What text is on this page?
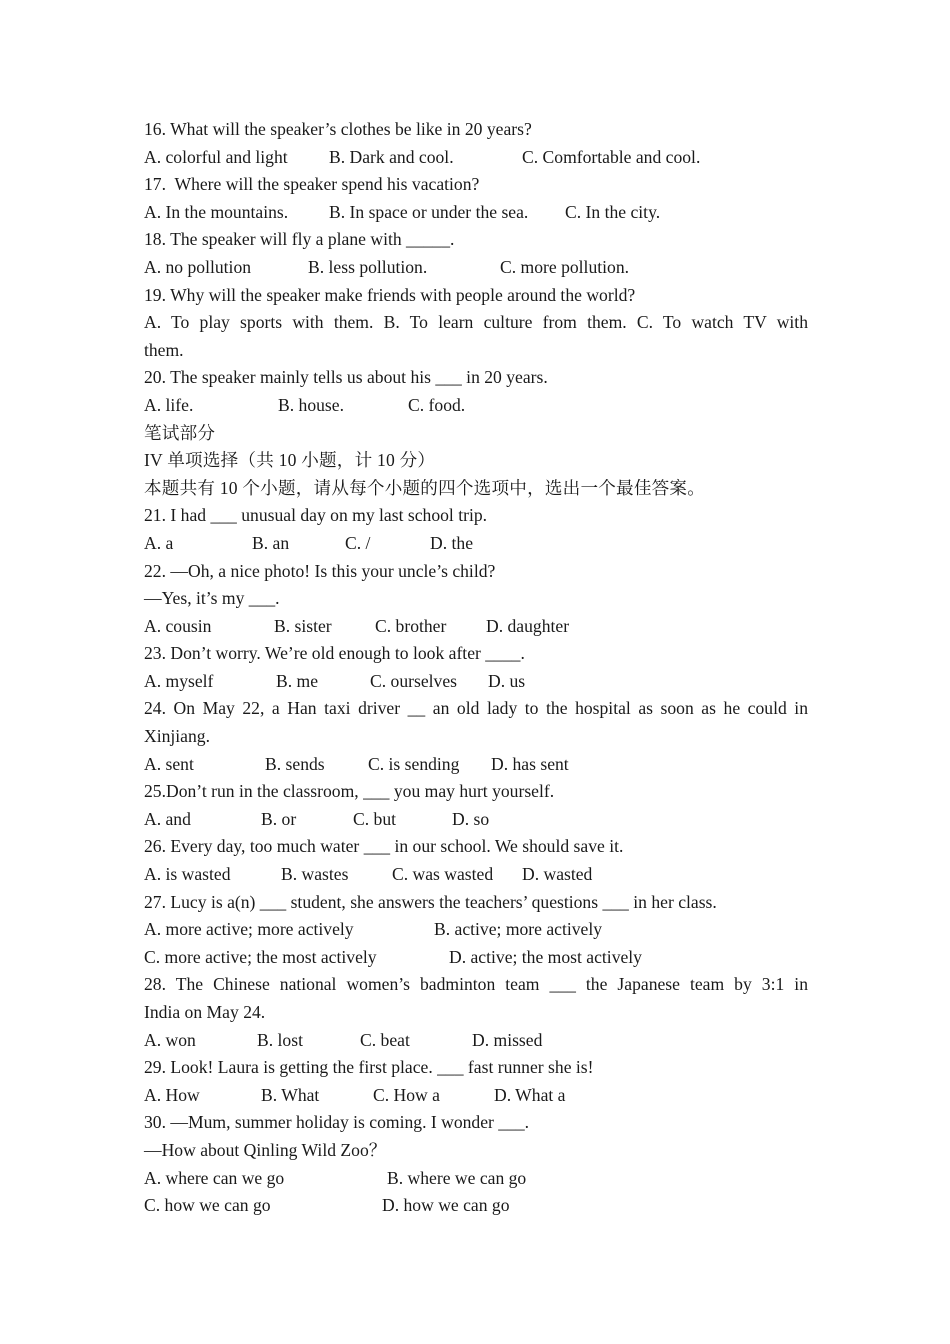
16. What will the speaker’s clothes be like in 20 years?

A. colorful and light

B. Dark and cool.

	C. Comfortable and cool.

17.  Where will the speaker spend his vacation?

A. In the mountains.

B. In space or under the sea.

C. In the city.

18. The speaker will fly a plane with _____.

A. no pollution

	B. less pollution.

	C. more pollution.

19. Why will the speaker make friends with people around the world?
A. To play sports with them. B. To learn culture from them. C. To watch TV with
them.
20. The speaker mainly tells us about his ___ in 20 years.

A. life.

	B. house.

	C. food.

笔试部分
IV 单项选择（共 10 小题，计 10 分）
本题共有 10 个小题，请从每个小题的四个选项中，选出一个最佳答案。
21. I had ___ unusual day on my last school trip.

A. a

	B. an

	C. /

	D. the

22. —Oh, a nice photo! Is this your uncle’s child?
—Yes, it’s my ___.

A. cousin

	B. sister

C. brother

D. daughter

23. Don’t worry. We’re old enough to look after ____.

A. myself

	B. me

	C. ourselves

D. us

24. On May 22, a Han taxi driver __ an old lady to the hospital as soon as he could in
Xinjiang.

A. sent

	B. sends

C. is sending

D. has sent

25.Don’t run in the classroom, ___ you may hurt yourself.

A. and

	B. or

	C. but

	D. so

26. Every day, too much water ___ in our school. We should save it.

A. is wasted

	B. wastes

C. was wasted

D. wasted

27. Lucy is a(n) ___ student, she answers the teachers’ questions ___ in her class.

A. more active; more actively

	B. active; more actively

C. more active; the most actively

	D. active; the most actively

28. The Chinese national women’s badminton team ___ the Japanese team by 3:1 in
India on May 24.

A. won

	B. lost

	C. beat

	D. missed

29. Look! Laura is getting the first place. ___ fast runner she is!

A. How

	B. What

	C. How a

	D. What a

30. —Mum, summer holiday is coming. I wonder ___.
—How about Qinling Wild Zoo？

A. where can we go

	B. where we can go

C. how we can go

	D. how we can go
